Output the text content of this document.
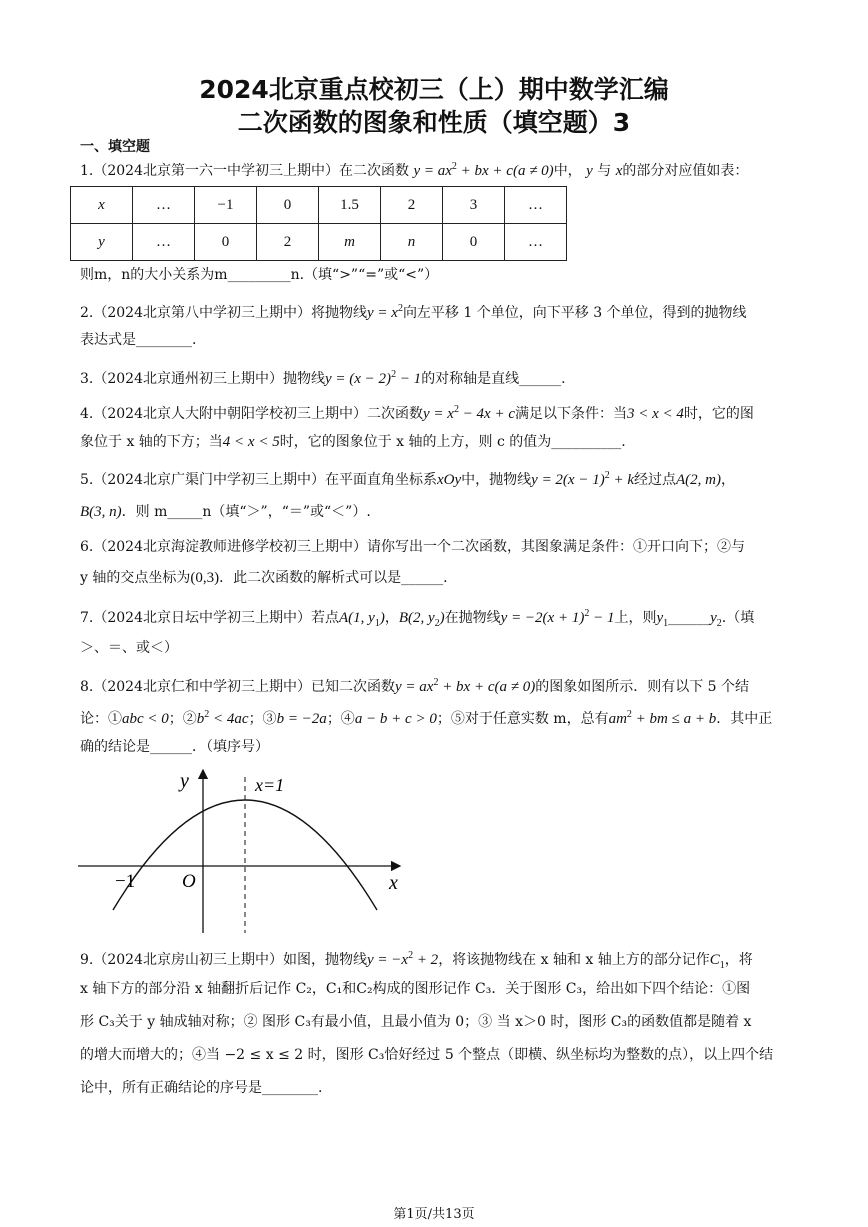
2024北京重点校初三（上）期中数学汇编
二次函数的图象和性质（填空题）3
一、填空题
1.（2024北京第一六一中学初三上期中）在二次函数 $y = ax^2$ + bx + c(a ≠ 0)中， y 与 x的部分对应值如表：
x	…	−1	0	1.5	2	3	…
y	…	0	2	m	n	0	…
则m，n的大小关系为m_________n.（填“>”“=”或“<”）
2.（2024北京第八中学初三上期中）将抛物线$y = x^2$向左平移 1 个单位，向下平移 3 个单位，得到的抛物线
表达式是________.
3.（2024北京通州初三上期中）抛物线$y = (x - 2)^2 - 1$的对称轴是直线______.
4.（2024北京人大附中朝阳学校初三上期中）二次函数$y = x^2 - 4x + c$满足以下条件：当3 < x < 4时，它的图
象位于 x 轴的下方；当4 < x < 5时，它的图象位于 x 轴的上方，则 c 的值为__________.
5.（2024北京广渠门中学初三上期中）在平面直角坐标系xOy中，抛物线$y = 2(x - 1)^2 + k$经过点A(2, m)，
B(3, n)．则 m_____n（填“＞”，“＝”或“＜”）.
6.（2024北京海淀教师进修学校初三上期中）请你写出一个二次函数，其图象满足条件：①开口向下；②与
y 轴的交点坐标为(0,3)．此二次函数的解析式可以是______.
7.（2024北京日坛中学初三上期中）若点A(1, $y_1$)，B(2, $y_2$)在抛物线$y = -2(x + 1)^2 - 1$上，则$y_1\_\_\_\_\_\_y_2$.（填
＞、＝、或＜）
8.（2024北京仁和中学初三上期中）已知二次函数$y = ax^2$ + bx + c(a ≠ 0)的图象如图所示．则有以下 5 个结
论：①abc < 0；$②b^2 < 4ac$；③b = −2a；④a − b + c > 0；⑤对于任意实数 m，总有$am^2$ + bm ≤ a + b．其中正
确的结论是______．（填序号）
y
x
O
−1
x=1
9.（2024北京房山初三上期中）如图，抛物线$y = -x^2 + 2$，将该抛物线在 x 轴和 x 轴上方的部分记作$C_1$，将
x 轴下方的部分沿 x 轴翻折后记作 C₂，C₁和C₂构成的图形记作 C₃．关于图形 C₃，给出如下四个结论：①图
形 C₃关于 y 轴成轴对称；② 图形 C₃有最小值，且最小值为 0；③ 当 x＞0 时，图形 C₃的函数值都是随着 x
的增大而增大的；④当 −2 ≤ x ≤ 2 时，图形 C₃恰好经过 5 个整点（即横、纵坐标均为整数的点），以上四个结
论中，所有正确结论的序号是________.
第1页/共13页
